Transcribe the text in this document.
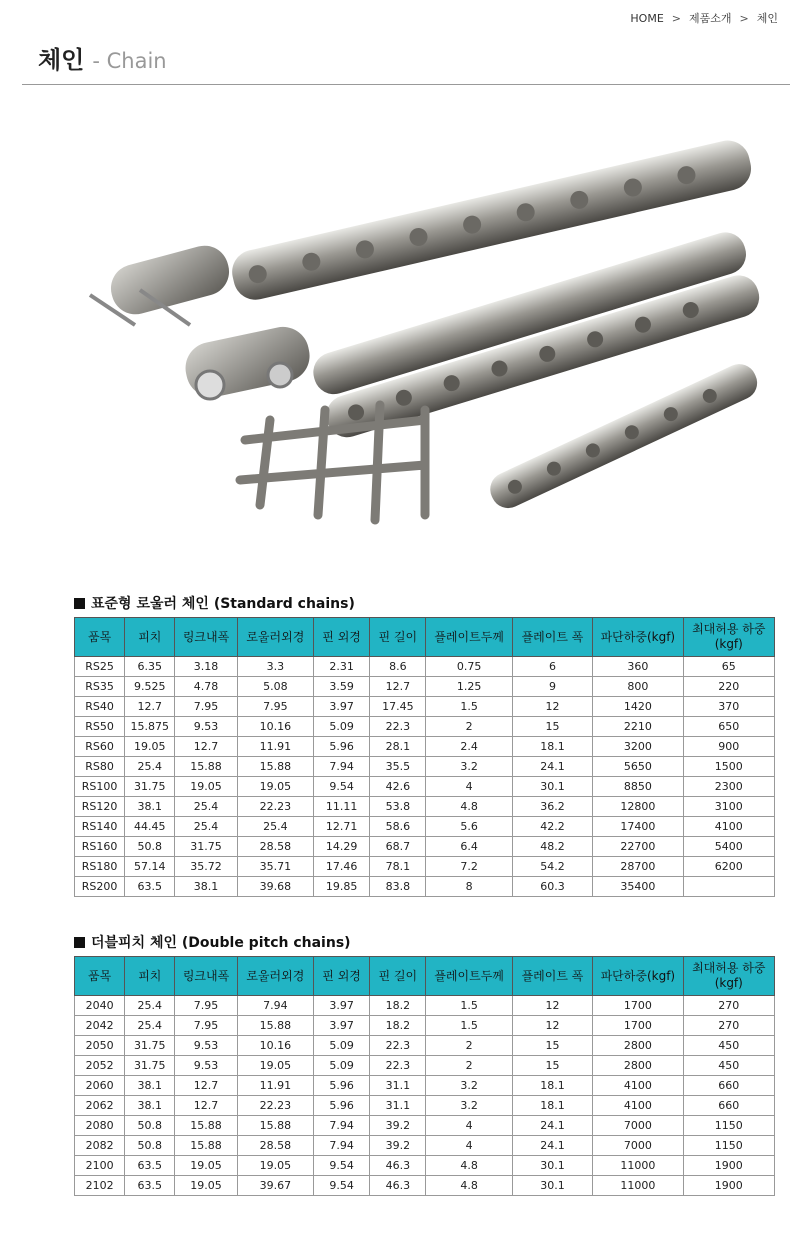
HOME > 제품소개 > 체인
체인 - Chain
표준형 로울러 체인 (Standard chains)
품목	피치	링크내폭	로울러외경	핀 외경	핀 길이	플레이트두께	플레이트 폭	파단하중(kgf)	최대허용 하중(kgf)
RS25	6.35	3.18	3.3	2.31	8.6	0.75	6	360	65
RS35	9.525	4.78	5.08	3.59	12.7	1.25	9	800	220
RS40	12.7	7.95	7.95	3.97	17.45	1.5	12	1420	370
RS50	15.875	9.53	10.16	5.09	22.3	2	15	2210	650
RS60	19.05	12.7	11.91	5.96	28.1	2.4	18.1	3200	900
RS80	25.4	15.88	15.88	7.94	35.5	3.2	24.1	5650	1500
RS100	31.75	19.05	19.05	9.54	42.6	4	30.1	8850	2300
RS120	38.1	25.4	22.23	11.11	53.8	4.8	36.2	12800	3100
RS140	44.45	25.4	25.4	12.71	58.6	5.6	42.2	17400	4100
RS160	50.8	31.75	28.58	14.29	68.7	6.4	48.2	22700	5400
RS180	57.14	35.72	35.71	17.46	78.1	7.2	54.2	28700	6200
RS200	63.5	38.1	39.68	19.85	83.8	8	60.3	35400	
더블피치 체인 (Double pitch chains)
품목	피치	링크내폭	로울러외경	핀 외경	핀 길이	플레이트두께	플레이트 폭	파단하중(kgf)	최대허용 하중(kgf)
2040	25.4	7.95	7.94	3.97	18.2	1.5	12	1700	270
2042	25.4	7.95	15.88	3.97	18.2	1.5	12	1700	270
2050	31.75	9.53	10.16	5.09	22.3	2	15	2800	450
2052	31.75	9.53	19.05	5.09	22.3	2	15	2800	450
2060	38.1	12.7	11.91	5.96	31.1	3.2	18.1	4100	660
2062	38.1	12.7	22.23	5.96	31.1	3.2	18.1	4100	660
2080	50.8	15.88	15.88	7.94	39.2	4	24.1	7000	1150
2082	50.8	15.88	28.58	7.94	39.2	4	24.1	7000	1150
2100	63.5	19.05	19.05	9.54	46.3	4.8	30.1	11000	1900
2102	63.5	19.05	39.67	9.54	46.3	4.8	30.1	11000	1900
